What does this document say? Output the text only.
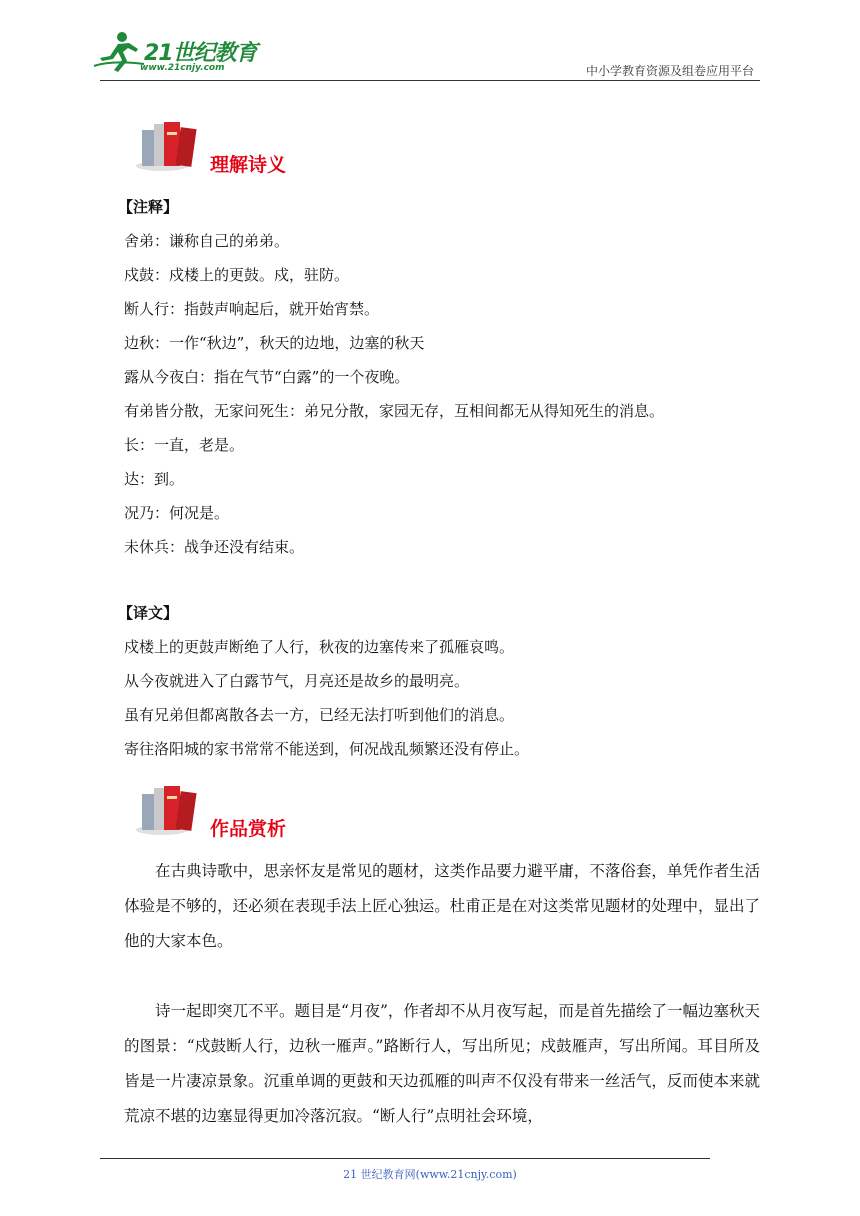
21世纪教育
www.21cnjy.com	中小学教育资源及组卷应用平台
理解诗义
【注释】
舍弟：谦称自己的弟弟。
戍鼓：戍楼上的更鼓。戍，驻防。
断人行：指鼓声响起后，就开始宵禁。
边秋：一作“秋边”，秋天的边地，边塞的秋天
露从今夜白：指在气节“白露”的一个夜晚。
有弟皆分散，无家问死生：弟兄分散，家园无存，互相间都无从得知死生的消息。
长：一直，老是。
达：到。
况乃：何况是。
未休兵：战争还没有结束。
【译文】
戍楼上的更鼓声断绝了人行，秋夜的边塞传来了孤雁哀鸣。
从今夜就进入了白露节气，月亮还是故乡的最明亮。
虽有兄弟但都离散各去一方，已经无法打听到他们的消息。
寄往洛阳城的家书常常不能送到，何况战乱频繁还没有停止。
作品赏析
在古典诗歌中，思亲怀友是常见的题材，这类作品要力避平庸，不落俗套，单凭作者生活体验是不够的，还必须在表现手法上匠心独运。杜甫正是在对这类常见题材的处理中，显出了他的大家本色。
诗一起即突兀不平。题目是“月夜”，作者却不从月夜写起，而是首先描绘了一幅边塞秋天的图景：“戍鼓断人行，边秋一雁声。”路断行人，写出所见；戍鼓雁声，写出所闻。耳目所及皆是一片凄凉景象。沉重单调的更鼓和天边孤雁的叫声不仅没有带来一丝活气，反而使本来就荒凉不堪的边塞显得更加冷落沉寂。“断人行”点明社会环境，
21 世纪教育网(www.21cnjy.com)
